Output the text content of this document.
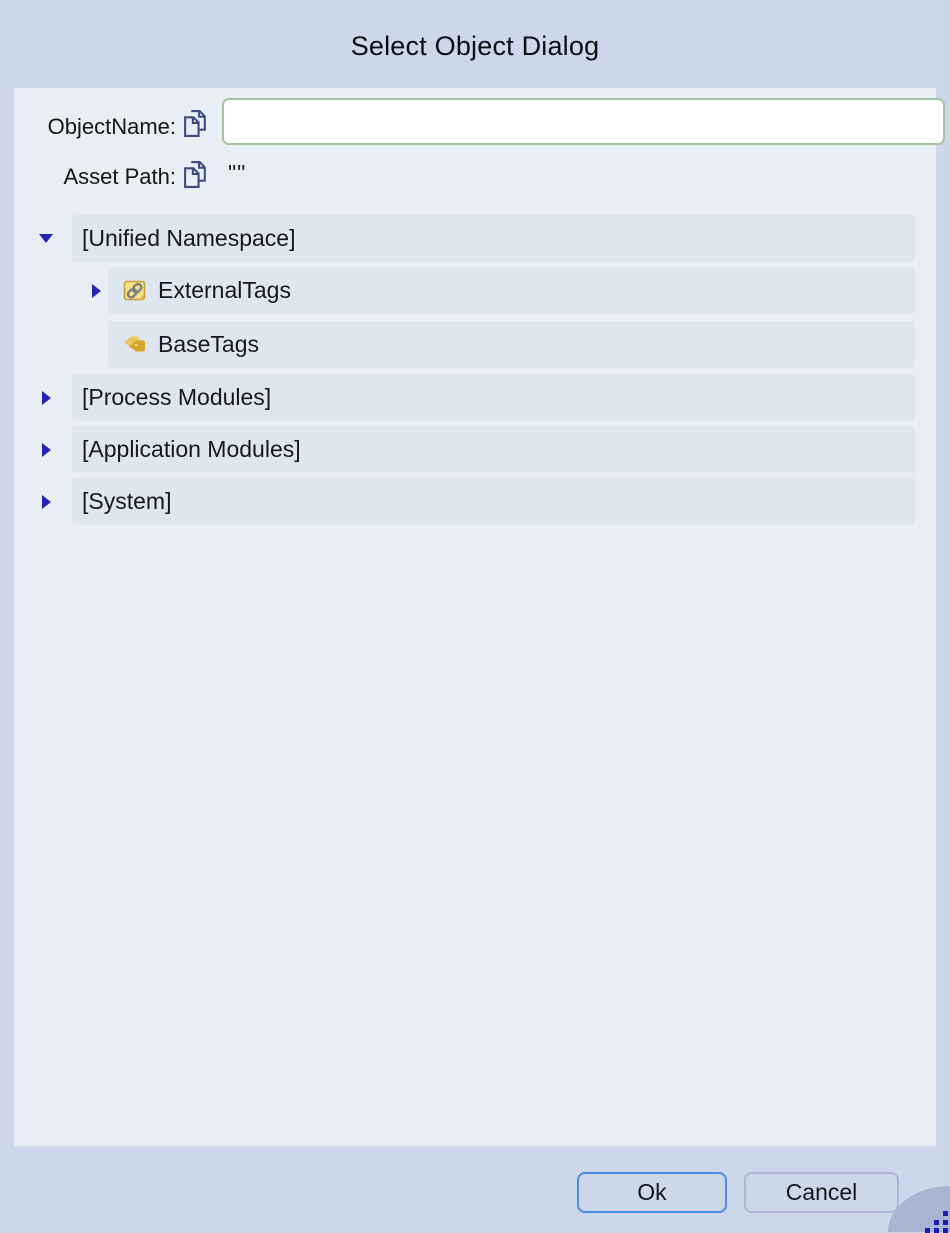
Select Object Dialog
ObjectName:
Asset Path: ""
[Unified Namespace]
ExternalTags
BaseTags
[Process Modules]
[Application Modules]
[System]
Ok	Cancel
